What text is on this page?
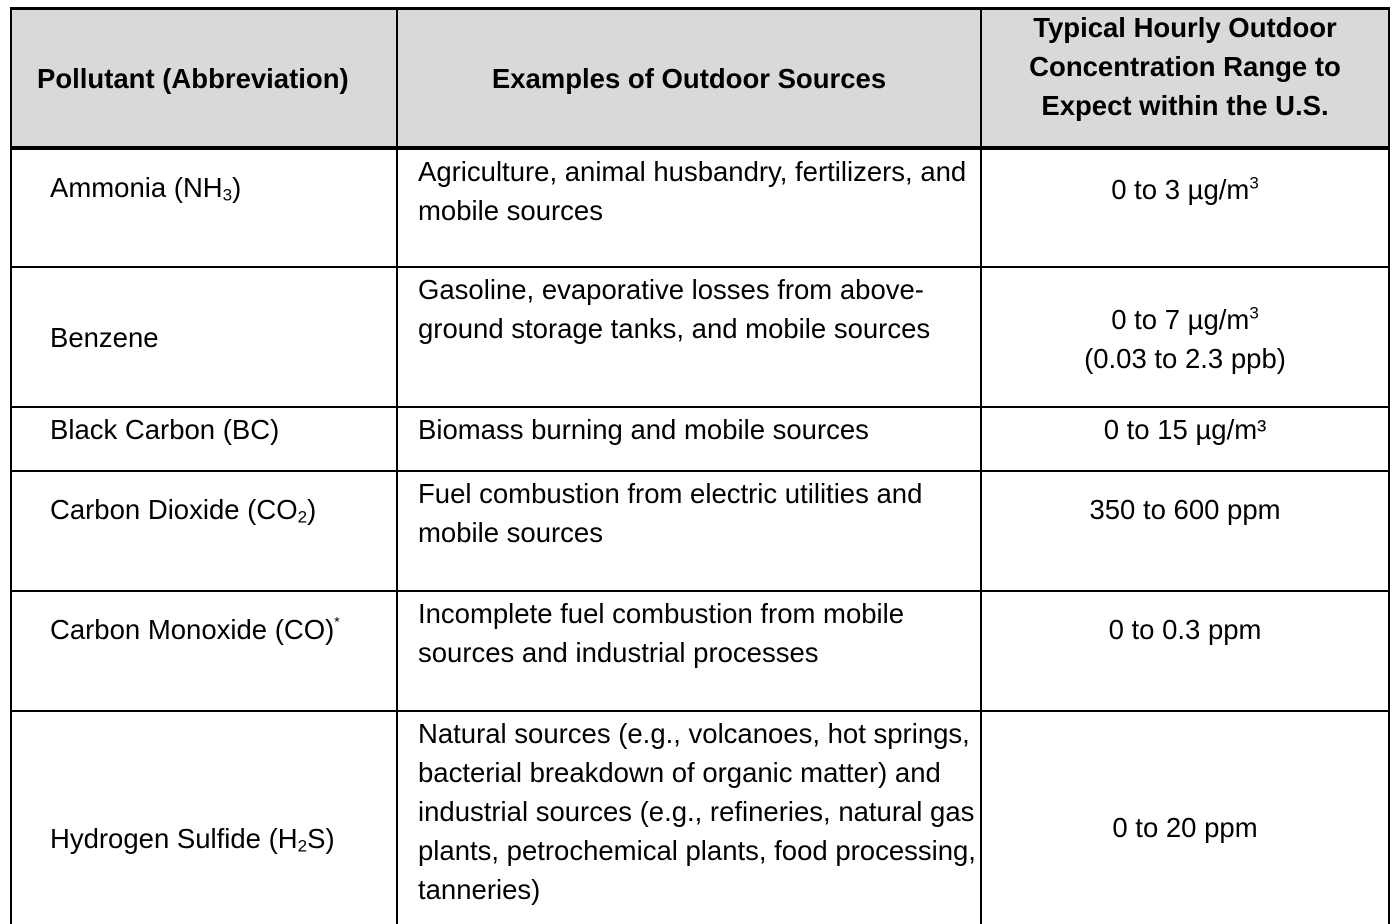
Pollutant (Abbreviation)	Examples of Outdoor Sources	Typical Hourly Outdoor
Concentration Range to
Expect within the U.S.

Ammonia $(NH_3)$	Agriculture, animal husbandry, fertilizers, and mobile sources	0 to 3 $\mu g/m^3$

Benzene	Gasoline, evaporative losses from above-ground storage tanks, and mobile sources	0 to 7 $\mu g/m^3$
(0.03 to 2.3 ppb)

Black Carbon (BC)	Biomass burning and mobile sources	0 to 15 µg/m³

Carbon Dioxide $(CO_2)$	Fuel combustion from electric utilities and mobile sources	350 to 600 ppm

Carbon Monoxide (CO)*	Incomplete fuel combustion from mobile sources and industrial processes	0 to 0.3 ppm

Hydrogen Sulfide $(H_2S)$	Natural sources (e.g., volcanoes, hot springs, bacterial breakdown of organic matter) and industrial sources (e.g., refineries, natural gas plants, petrochemical plants, food processing, tanneries)	0 to 20 ppm
